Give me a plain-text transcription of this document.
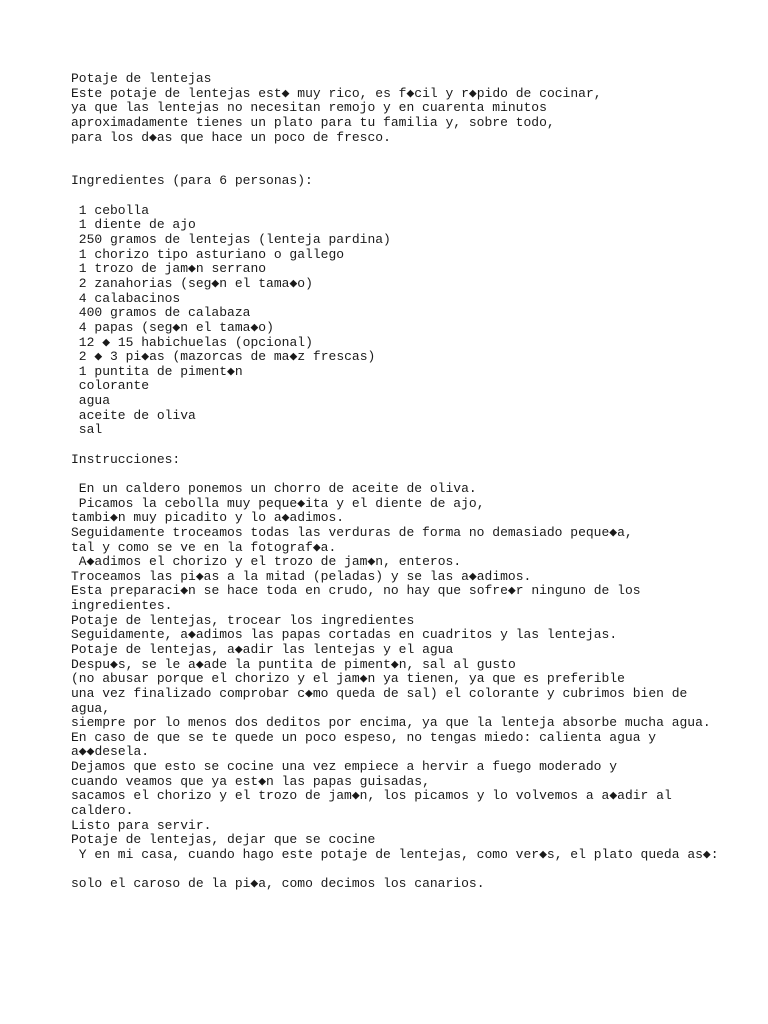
Potaje de lentejas
Este potaje de lentejas est◆ muy rico, es f◆cil y r◆pido de cocinar,
ya que las lentejas no necesitan remojo y en cuarenta minutos
aproximadamente tienes un plato para tu familia y, sobre todo,
para los d◆as que hace un poco de fresco.
Ingredientes (para 6 personas):
1 cebolla
1 diente de ajo
250 gramos de lentejas (lenteja pardina)
1 chorizo tipo asturiano o gallego
1 trozo de jam◆n serrano
2 zanahorias (seg◆n el tama◆o)
4 calabacinos
400 gramos de calabaza
4 papas (seg◆n el tama◆o)
12 ◆ 15 habichuelas (opcional)
2 ◆ 3 pi◆as (mazorcas de ma◆z frescas)
1 puntita de piment◆n
colorante
agua
aceite de oliva
sal
Instrucciones:
En un caldero ponemos un chorro de aceite de oliva.
Picamos la cebolla muy peque◆ita y el diente de ajo,
tambi◆n muy picadito y lo a◆adimos.
Seguidamente troceamos todas las verduras de forma no demasiado peque◆a,
tal y como se ve en la fotograf◆a.
A◆adimos el chorizo y el trozo de jam◆n, enteros.
Troceamos las pi◆as a la mitad (peladas) y se las a◆adimos.
Esta preparaci◆n se hace toda en crudo, no hay que sofre◆r ninguno de los
ingredientes.
Potaje de lentejas, trocear los ingredientes
Seguidamente, a◆adimos las papas cortadas en cuadritos y las lentejas.
Potaje de lentejas, a◆adir las lentejas y el agua
Despu◆s, se le a◆ade la puntita de piment◆n, sal al gusto
(no abusar porque el chorizo y el jam◆n ya tienen, ya que es preferible
una vez finalizado comprobar c◆mo queda de sal) el colorante y cubrimos bien de
agua,
siempre por lo menos dos deditos por encima, ya que la lenteja absorbe mucha agua.
En caso de que se te quede un poco espeso, no tengas miedo: calienta agua y
a◆◆desela.
Dejamos que esto se cocine una vez empiece a hervir a fuego moderado y
cuando veamos que ya est◆n las papas guisadas,
sacamos el chorizo y el trozo de jam◆n, los picamos y lo volvemos a a◆adir al
caldero.
Listo para servir.
Potaje de lentejas, dejar que se cocine
Y en mi casa, cuando hago este potaje de lentejas, como ver◆s, el plato queda as◆:
solo el caroso de la pi◆a, como decimos los canarios.
